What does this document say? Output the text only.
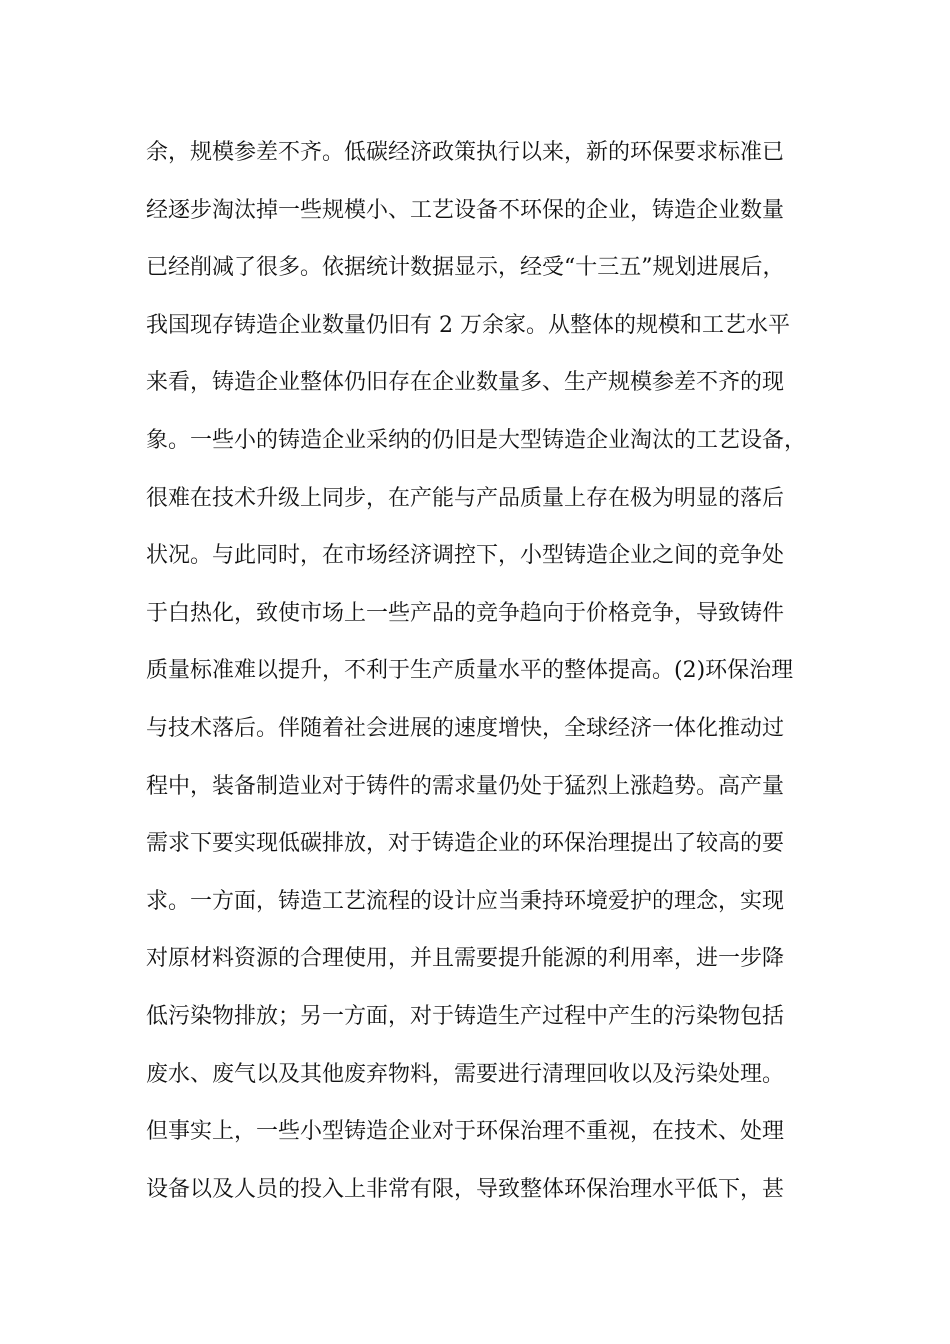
余，规模参差不齐。低碳经济政策执行以来，新的环保要求标准已
经逐步淘汰掉一些规模小、工艺设备不环保的企业，铸造企业数量
已经削减了很多。依据统计数据显示，经受“十三五”规划进展后，
我国现存铸造企业数量仍旧有 2 万余家。从整体的规模和工艺水平
来看，铸造企业整体仍旧存在企业数量多、生产规模参差不齐的现
象。一些小的铸造企业采纳的仍旧是大型铸造企业淘汰的工艺设备，
很难在技术升级上同步，在产能与产品质量上存在极为明显的落后
状况。与此同时，在市场经济调控下，小型铸造企业之间的竞争处
于白热化，致使市场上一些产品的竞争趋向于价格竞争，导致铸件
质量标准难以提升，不利于生产质量水平的整体提高。(2)环保治理
与技术落后。伴随着社会进展的速度增快，全球经济一体化推动过
程中，装备制造业对于铸件的需求量仍处于猛烈上涨趋势。高产量
需求下要实现低碳排放，对于铸造企业的环保治理提出了较高的要
求。一方面，铸造工艺流程的设计应当秉持环境爱护的理念，实现
对原材料资源的合理使用，并且需要提升能源的利用率，进一步降
低污染物排放；另一方面，对于铸造生产过程中产生的污染物包括
废水、废气以及其他废弃物料，需要进行清理回收以及污染处理。
但事实上，一些小型铸造企业对于环保治理不重视，在技术、处理
设备以及人员的投入上非常有限，导致整体环保治理水平低下，甚
